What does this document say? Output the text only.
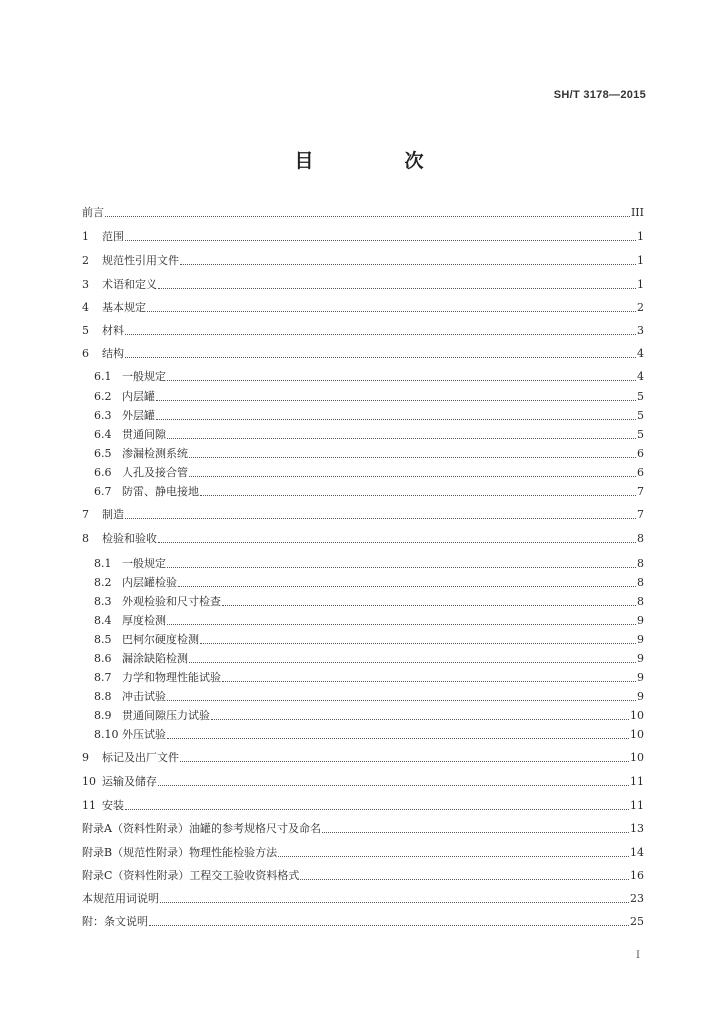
SH/T 3178—2015
目　次
前言	III
1	范围	1
2	规范性引用文件	1
3	术语和定义	1
4	基本规定	2
5	材料	3
6	结构	4
6.1 一般规定	4
6.2 内层罐	5
6.3 外层罐	5
6.4 贯通间隙	5
6.5 渗漏检测系统	6
6.6 人孔及接合管	6
6.7 防雷、静电接地	7
7	制造	7
8	检验和验收	8
8.1 一般规定	8
8.2 内层罐检验	8
8.3 外观检验和尺寸检查	8
8.4 厚度检测	9
8.5 巴柯尔硬度检测	9
8.6 漏涂缺陷检测	9
8.7 力学和物理性能试验	9
8.8 冲击试验	9
8.9 贯通间隙压力试验	10
8.10 外压试验	10
9	标记及出厂文件	10
10 运输及储存	11
11 安装	11
附录A（资料性附录）油罐的参考规格尺寸及命名	13
附录B（规范性附录）物理性能检验方法	14
附录C（资料性附录）工程交工验收资料格式	16
本规范用词说明	23
附：条文说明	25
I
